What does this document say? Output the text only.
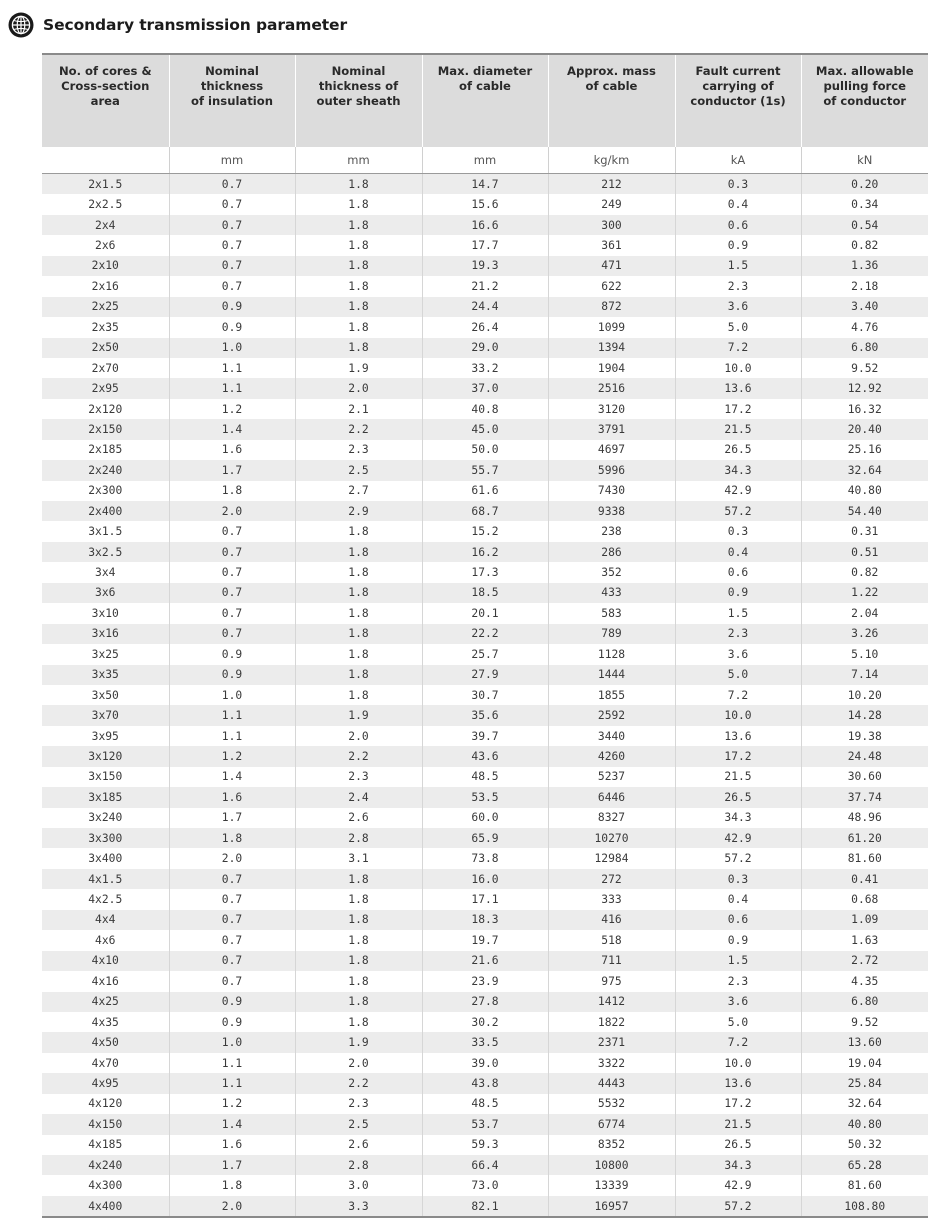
Secondary transmission parameter
No. of cores &
Cross-section
area	Nominal
thickness
of insulation	Nominal
thickness of
outer sheath	Max. diameter
of cable	Approx. mass
of cable	Fault current
carrying of
conductor (1s)	Max. allowable
pulling force
of conductor

	mm	mm	mm	kg/km	kA	kN
2x1.5	0.7	1.8	14.7	212	0.3	0.20
2x2.5	0.7	1.8	15.6	249	0.4	0.34
2x4	0.7	1.8	16.6	300	0.6	0.54
2x6	0.7	1.8	17.7	361	0.9	0.82
2x10	0.7	1.8	19.3	471	1.5	1.36
2x16	0.7	1.8	21.2	622	2.3	2.18
2x25	0.9	1.8	24.4	872	3.6	3.40
2x35	0.9	1.8	26.4	1099	5.0	4.76
2x50	1.0	1.8	29.0	1394	7.2	6.80
2x70	1.1	1.9	33.2	1904	10.0	9.52
2x95	1.1	2.0	37.0	2516	13.6	12.92
2x120	1.2	2.1	40.8	3120	17.2	16.32
2x150	1.4	2.2	45.0	3791	21.5	20.40
2x185	1.6	2.3	50.0	4697	26.5	25.16
2x240	1.7	2.5	55.7	5996	34.3	32.64
2x300	1.8	2.7	61.6	7430	42.9	40.80
2x400	2.0	2.9	68.7	9338	57.2	54.40
3x1.5	0.7	1.8	15.2	238	0.3	0.31
3x2.5	0.7	1.8	16.2	286	0.4	0.51
3x4	0.7	1.8	17.3	352	0.6	0.82
3x6	0.7	1.8	18.5	433	0.9	1.22
3x10	0.7	1.8	20.1	583	1.5	2.04
3x16	0.7	1.8	22.2	789	2.3	3.26
3x25	0.9	1.8	25.7	1128	3.6	5.10
3x35	0.9	1.8	27.9	1444	5.0	7.14
3x50	1.0	1.8	30.7	1855	7.2	10.20
3x70	1.1	1.9	35.6	2592	10.0	14.28
3x95	1.1	2.0	39.7	3440	13.6	19.38
3x120	1.2	2.2	43.6	4260	17.2	24.48
3x150	1.4	2.3	48.5	5237	21.5	30.60
3x185	1.6	2.4	53.5	6446	26.5	37.74
3x240	1.7	2.6	60.0	8327	34.3	48.96
3x300	1.8	2.8	65.9	10270	42.9	61.20
3x400	2.0	3.1	73.8	12984	57.2	81.60
4x1.5	0.7	1.8	16.0	272	0.3	0.41
4x2.5	0.7	1.8	17.1	333	0.4	0.68
4x4	0.7	1.8	18.3	416	0.6	1.09
4x6	0.7	1.8	19.7	518	0.9	1.63
4x10	0.7	1.8	21.6	711	1.5	2.72
4x16	0.7	1.8	23.9	975	2.3	4.35
4x25	0.9	1.8	27.8	1412	3.6	6.80
4x35	0.9	1.8	30.2	1822	5.0	9.52
4x50	1.0	1.9	33.5	2371	7.2	13.60
4x70	1.1	2.0	39.0	3322	10.0	19.04
4x95	1.1	2.2	43.8	4443	13.6	25.84
4x120	1.2	2.3	48.5	5532	17.2	32.64
4x150	1.4	2.5	53.7	6774	21.5	40.80
4x185	1.6	2.6	59.3	8352	26.5	50.32
4x240	1.7	2.8	66.4	10800	34.3	65.28
4x300	1.8	3.0	73.0	13339	42.9	81.60
4x400	2.0	3.3	82.1	16957	57.2	108.80
